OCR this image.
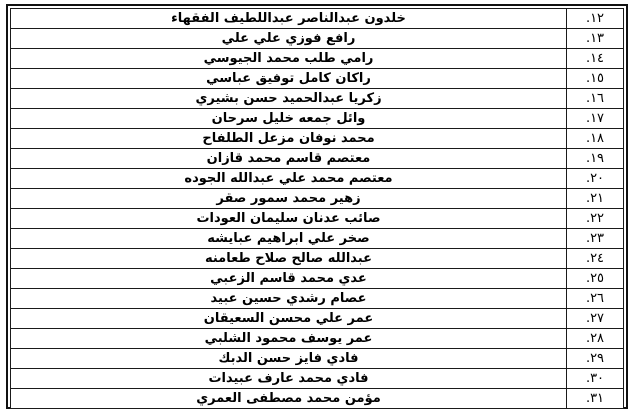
١٢.	خلدون عبدالناصر عبداللطيف الفقهاء
١٣.	رافع فوزي علي علي
١٤.	رامي طلب محمد الجيوسي
١٥.	راكان كامل توفيق عباسي
١٦.	زكريا عبدالحميد حسن بشيري
١٧.	وائل جمعه خليل سرحان
١٨.	محمد نوفان مزعل الطلفاح
١٩.	معتصم قاسم محمد قازان
٢٠.	معتصم محمد علي عبدالله الجوده
٢١.	زهير محمد سمور صقر
٢٢.	صائب عدنان سليمان العودات
٢٣.	صخر علي ابراهيم عبايشه
٢٤.	عبدالله صالح صلاح طعامنه
٢٥.	عدي محمد قاسم الزعبي
٢٦.	عصام رشدي حسين عبيد
٢٧.	عمر علي محسن السعيقان
٢٨.	عمر يوسف محمود الشلبي
٢٩.	فادي فايز حسن الدبك
٣٠.	فادي محمد عارف عبيدات
٣١.	مؤمن محمد مصطفى العمري
